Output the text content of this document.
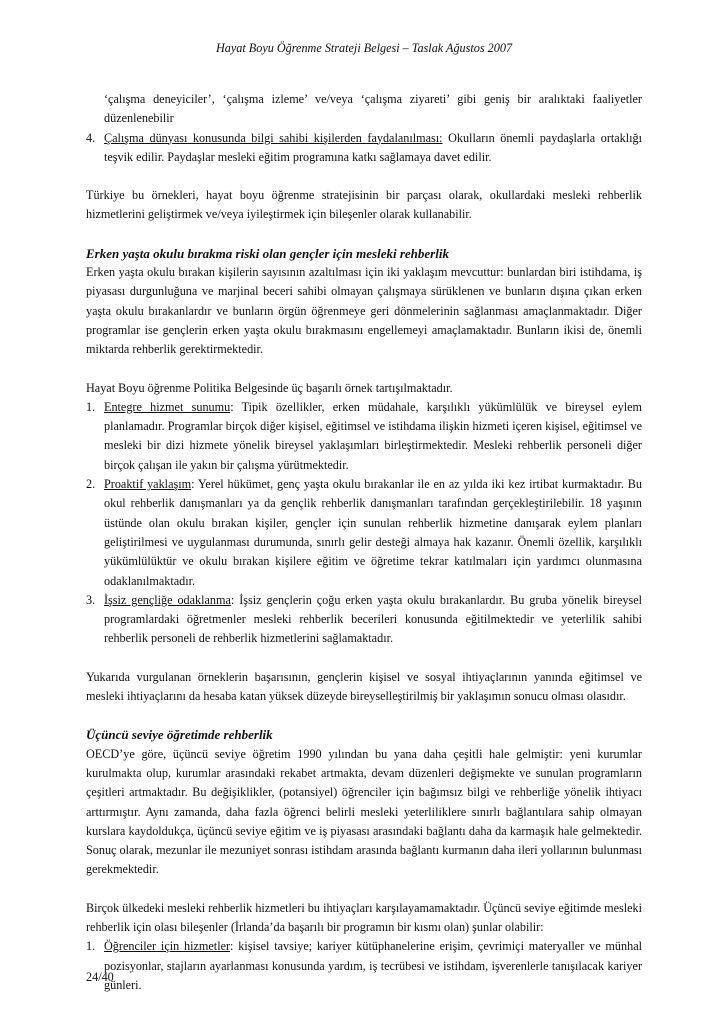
Hayat Boyu Öğrenme Strateji Belgesi – Taslak Ağustos 2007

‘çalışma deneyiciler’, ‘çalışma izleme’ ve/veya ‘çalışma ziyareti’ gibi geniş bir aralıktaki faaliyetler düzenlenebilir

4. Çalışma dünyası konusunda bilgi sahibi kişilerden faydalanılması: Okulların önemli paydaşlarla ortaklığı teşvik edilir. Paydaşlar mesleki eğitim programına katkı sağlamaya davet edilir.

Türkiye bu örnekleri, hayat boyu öğrenme stratejisinin bir parçası olarak, okullardaki mesleki rehberlik hizmetlerini geliştirmek ve/veya iyileştirmek için bileşenler olarak kullanabilir.

Erken yaşta okulu bırakma riski olan gençler için mesleki rehberlik

Erken yaşta okulu bırakan kişilerin sayısının azaltılması için iki yaklaşım mevcuttur: bunlardan biri istihdama, iş piyasası durgunluğuna ve marjinal beceri sahibi olmayan çalışmaya sürüklenen ve bunların dışına çıkan erken yaşta okulu bırakanlardır ve bunların örgün öğrenmeye geri dönmelerinin sağlanması amaçlanmaktadır. Diğer programlar ise gençlerin erken yaşta okulu bırakmasını engellemeyi amaçlamaktadır. Bunların ikisi de, önemli miktarda rehberlik gerektirmektedir.

Hayat Boyu öğrenme Politika Belgesinde üç başarılı örnek tartışılmaktadır.

1. Entegre hizmet sunumu: Tipik özellikler, erken müdahale, karşılıklı yükümlülük ve bireysel eylem planlamadır. Programlar birçok diğer kişisel, eğitimsel ve istihdama ilişkin hizmeti içeren kişisel, eğitimsel ve mesleki bir dizi hizmete yönelik bireysel yaklaşımları birleştirmektedir. Mesleki rehberlik personeli diğer birçok çalışan ile yakın bir çalışma yürütmektedir.
2. Proaktif yaklaşım: Yerel hükümet, genç yaşta okulu bırakanlar ile en az yılda iki kez irtibat kurmaktadır. Bu okul rehberlik danışmanları ya da gençlik rehberlik danışmanları tarafından gerçekleştirilebilir. 18 yaşının üstünde olan okulu bırakan kişiler, gençler için sunulan rehberlik hizmetine danışarak eylem planları geliştirilmesi ve uygulanması durumunda, sınırlı gelir desteği almaya hak kazanır. Önemli özellik, karşılıklı yükümlülüktür ve okulu bırakan kişilere eğitim ve öğretime tekrar katılmaları için yardımcı olunmasına odaklanılmaktadır.
3. İşsiz gençliğe odaklanma: İşsiz gençlerin çoğu erken yaşta okulu bırakanlardır. Bu gruba yönelik bireysel programlardaki öğretmenler mesleki rehberlik becerileri konusunda eğitilmektedir ve yeterlilik sahibi rehberlik personeli de rehberlik hizmetlerini sağlamaktadır.

Yukarıda vurgulanan örneklerin başarısının, gençlerin kişisel ve sosyal ihtiyaçlarının yanında eğitimsel ve mesleki ihtiyaçlarını da hesaba katan yüksek düzeyde bireyselleştirilmiş bir yaklaşımın sonucu olması olasıdır.

Üçüncü seviye öğretimde rehberlik

OECD’ye göre, üçüncü seviye öğretim 1990 yılından bu yana daha çeşitli hale gelmiştir: yeni kurumlar kurulmakta olup, kurumlar arasındaki rekabet artmakta, devam düzenleri değişmekte ve sunulan programların çeşitleri artmaktadır. Bu değişiklikler, (potansiyel) öğrenciler için bağımsız bilgi ve rehberliğe yönelik ihtiyacı arttırmıştır. Aynı zamanda, daha fazla öğrenci belirli mesleki yeterliliklere sınırlı bağlantılara sahip olmayan kurslara kaydoldukça, üçüncü seviye eğitim ve iş piyasası arasındaki bağlantı daha da karmaşık hale gelmektedir. Sonuç olarak, mezunlar ile mezuniyet sonrası istihdam arasında bağlantı kurmanın daha ileri yollarının bulunması gerekmektedir.

Birçok ülkedeki mesleki rehberlik hizmetleri bu ihtiyaçları karşılayamamaktadır. Üçüncü seviye eğitimde mesleki rehberlik için olası bileşenler (İrlanda’da başarılı bir programın bir kısmı olan) şunlar olabilir:

1. Öğrenciler için hizmetler: kişisel tavsiye; kariyer kütüphanelerine erişim, çevrimiçi materyaller ve münhal pozisyonlar, stajların ayarlanması konusunda yardım, iş tecrübesi ve istihdam, işverenlerle tanışılacak kariyer günleri.
24/40
